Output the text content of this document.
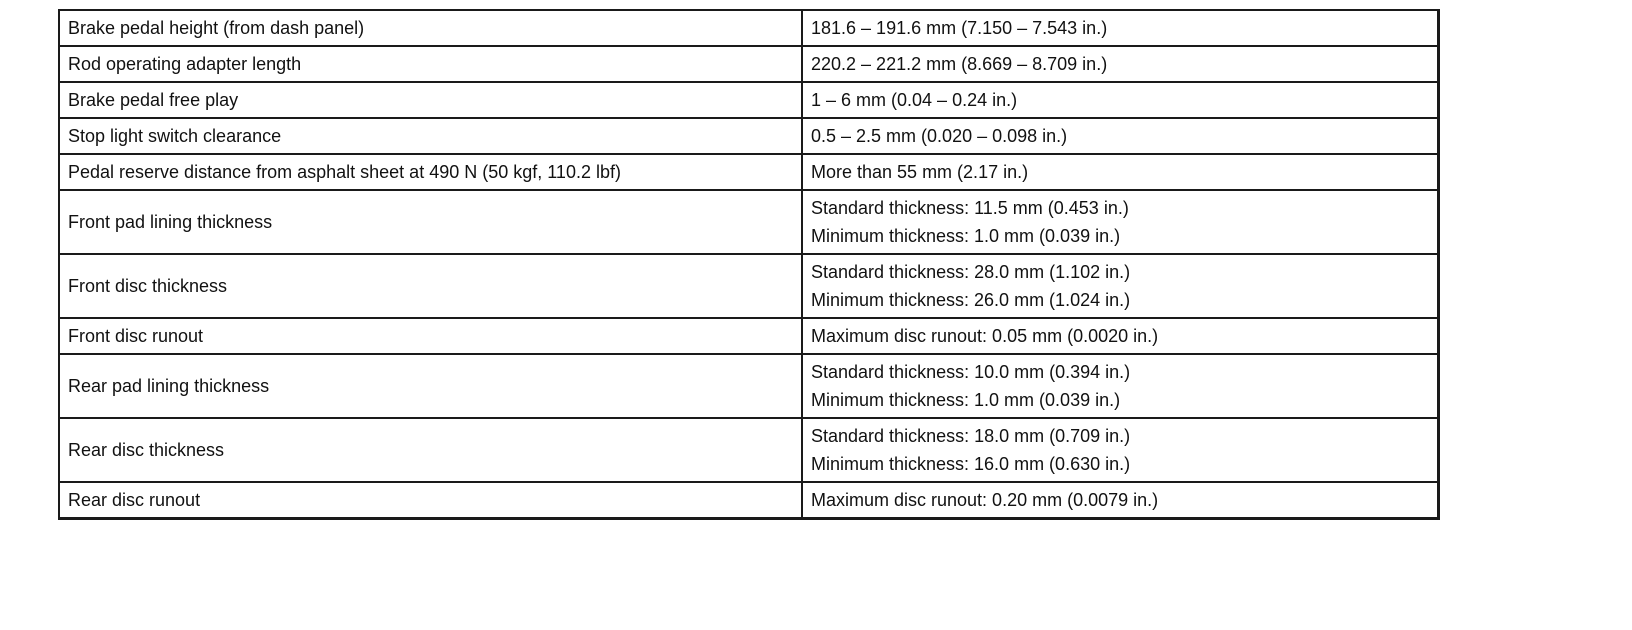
Brake pedal height (from dash panel)	181.6 – 191.6 mm (7.150 – 7.543 in.)

Rod operating adapter length	220.2 – 221.2 mm (8.669 – 8.709 in.)

Brake pedal free play	1 – 6 mm (0.04 – 0.24 in.)

Stop light switch clearance	0.5 – 2.5 mm (0.020 – 0.098 in.)

Pedal reserve distance from asphalt sheet at 490 N (50 kgf, 110.2 lbf)	More than 55 mm (2.17 in.)

Front pad lining thickness	Standard thickness: 11.5 mm (0.453 in.)
Minimum thickness: 1.0 mm (0.039 in.)

Front disc thickness	Standard thickness: 28.0 mm (1.102 in.)
Minimum thickness: 26.0 mm (1.024 in.)

Front disc runout	Maximum disc runout: 0.05 mm (0.0020 in.)

Rear pad lining thickness	Standard thickness: 10.0 mm (0.394 in.)
Minimum thickness: 1.0 mm (0.039 in.)

Rear disc thickness	Standard thickness: 18.0 mm (0.709 in.)
Minimum thickness: 16.0 mm (0.630 in.)

Rear disc runout	Maximum disc runout: 0.20 mm (0.0079 in.)
